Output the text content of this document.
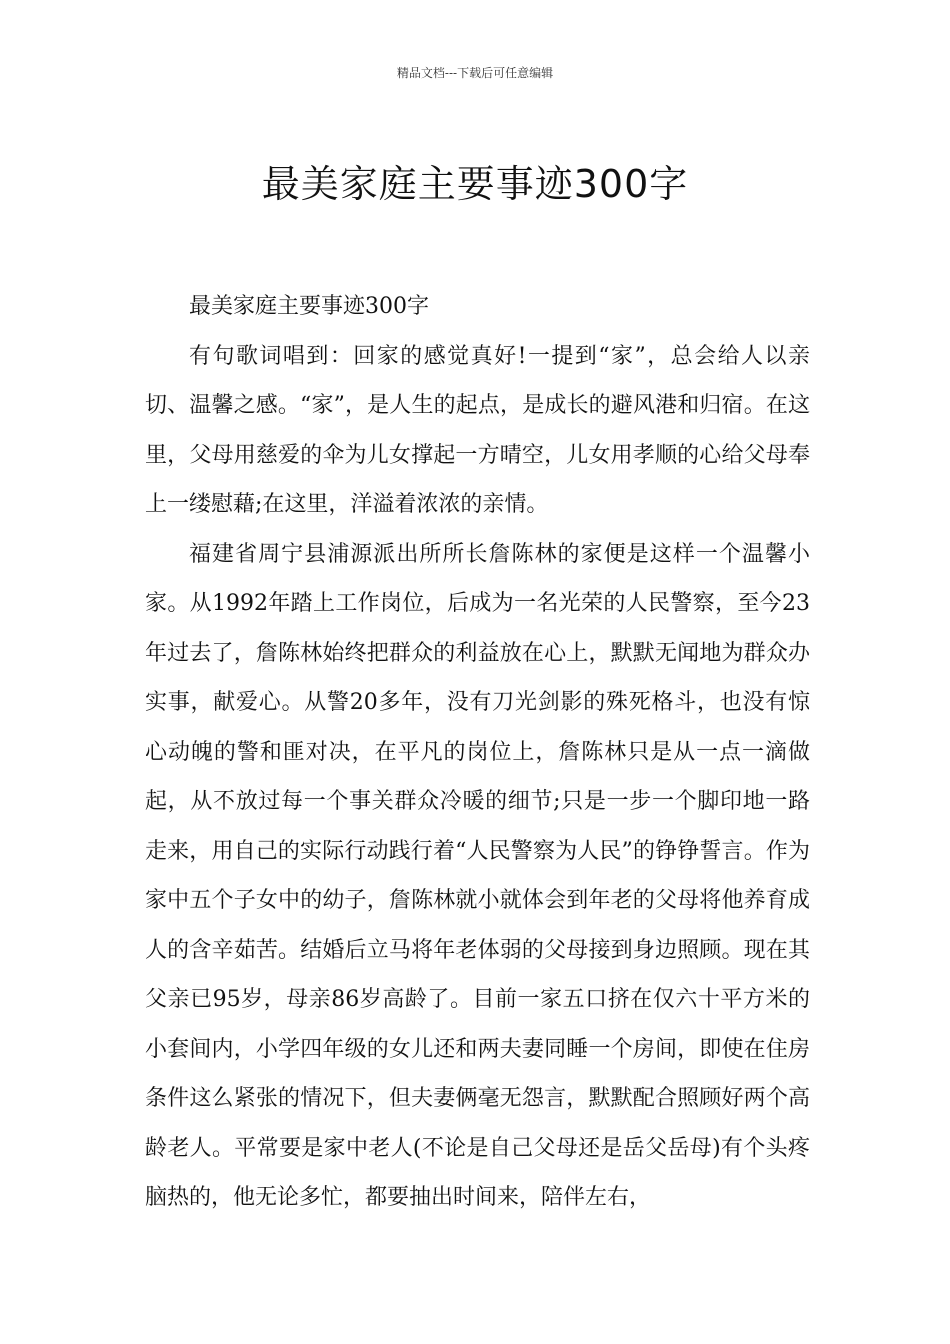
精品文档---下载后可任意编辑
最美家庭主要事迹300字

最美家庭主要事迹300字

有句歌词唱到：回家的感觉真好!一提到“家”，总会给人以亲切、温馨之感。“家”，是人生的起点，是成长的避风港和归宿。在这里，父母用慈爱的伞为儿女撑起一方晴空，儿女用孝顺的心给父母奉上一缕慰藉;在这里，洋溢着浓浓的亲情。

福建省周宁县浦源派出所所长詹陈林的家便是这样一个温馨小家。从1992年踏上工作岗位，后成为一名光荣的人民警察，至今23年过去了，詹陈林始终把群众的利益放在心上，默默无闻地为群众办实事，献爱心。从警20多年，没有刀光剑影的殊死格斗，也没有惊心动魄的警和匪对决，在平凡的岗位上，詹陈林只是从一点一滴做起，从不放过每一个事关群众冷暖的细节;只是一步一个脚印地一路走来，用自己的实际行动践行着“人民警察为人民”的铮铮誓言。作为家中五个子女中的幼子，詹陈林就小就体会到年老的父母将他养育成人的含辛茹苦。结婚后立马将年老体弱的父母接到身边照顾。现在其父亲已95岁，母亲86岁高龄了。目前一家五口挤在仅六十平方米的小套间内，小学四年级的女儿还和两夫妻同睡一个房间，即使在住房条件这么紧张的情况下，但夫妻俩毫无怨言，默默配合照顾好两个高龄老人。平常要是家中老人(不论是自己父母还是岳父岳母)有个头疼脑热的，他无论多忙，都要抽出时间来，陪伴左右，
